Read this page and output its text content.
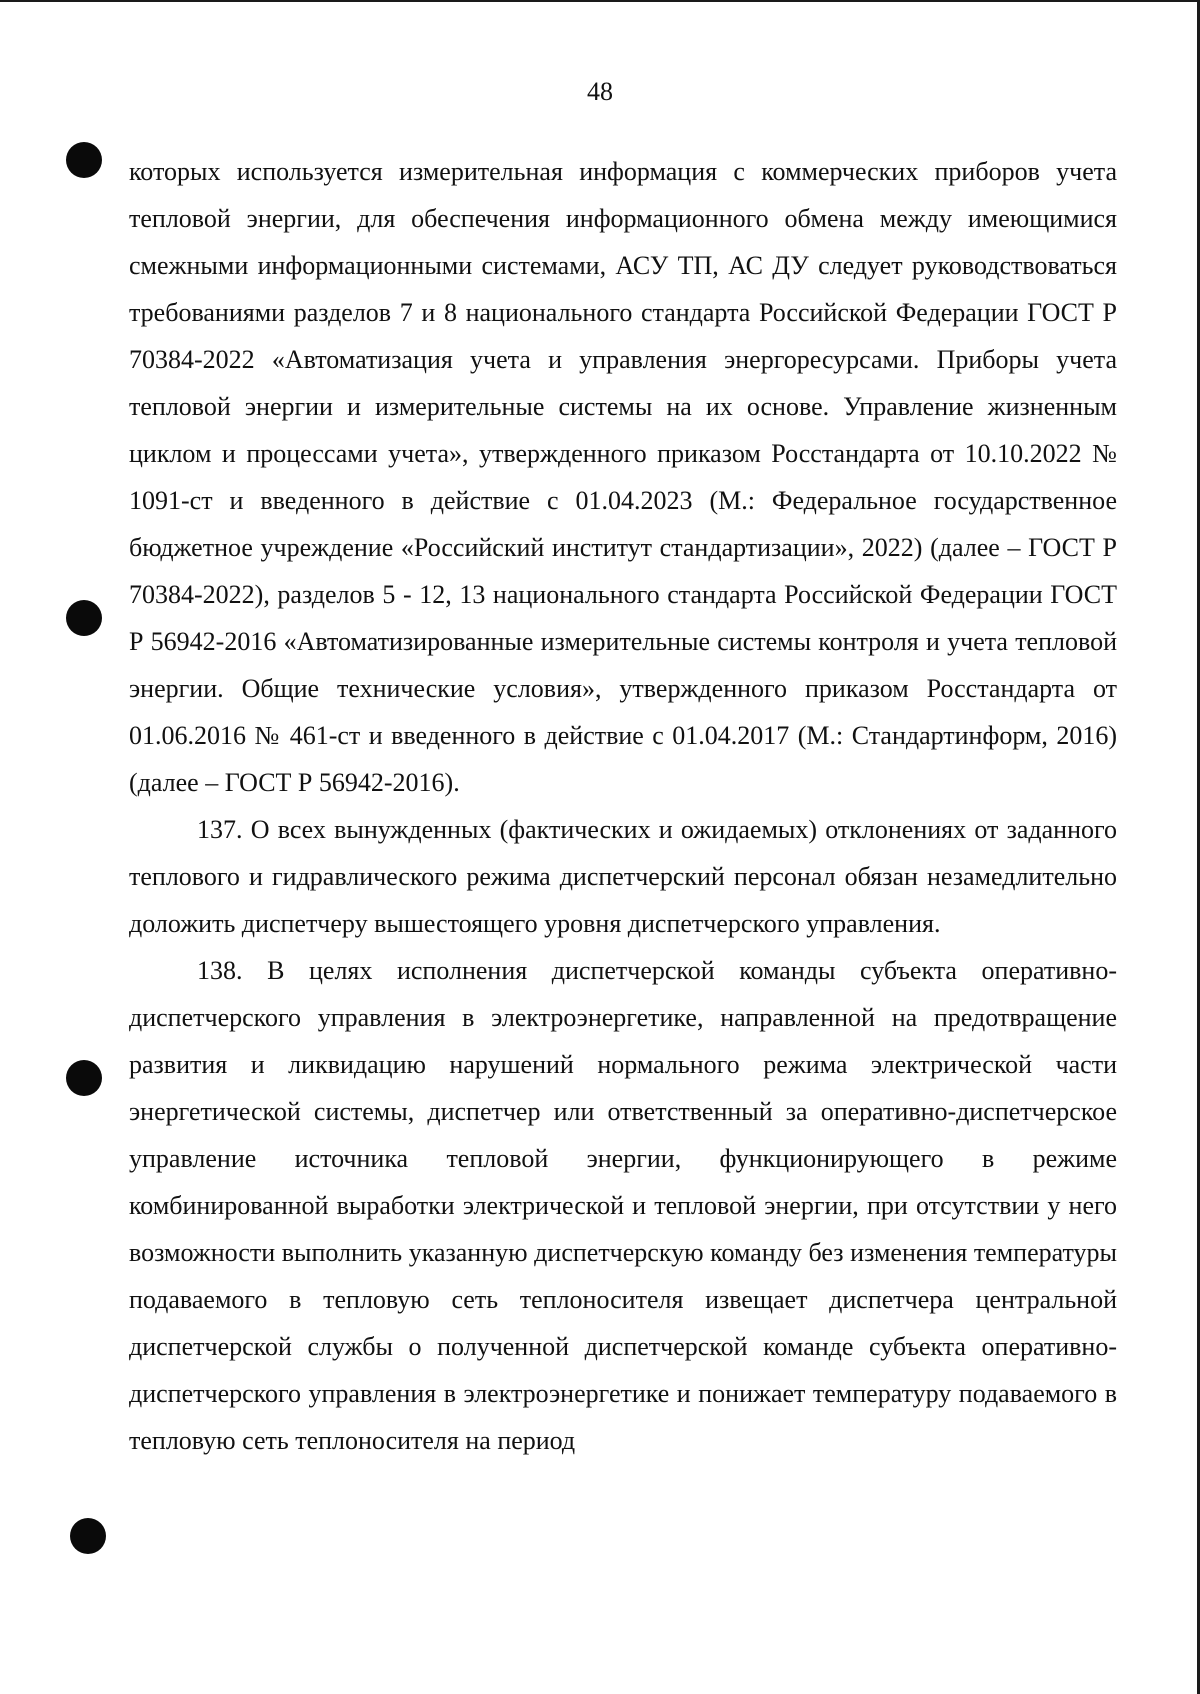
48

которых используется измерительная информация с коммерческих приборов учета тепловой энергии, для обеспечения информационного обмена между имеющимися смежными информационными системами, АСУ ТП, АС ДУ следует руководствоваться требованиями разделов 7 и 8 национального стандарта Российской Федерации ГОСТ Р 70384-2022 «Автоматизация учета и управления энергоресурсами. Приборы учета тепловой энергии и измерительные системы на их основе. Управление жизненным циклом и процессами учета», утвержденного приказом Росстандарта от 10.10.2022 № 1091-ст и введенного в действие с 01.04.2023 (М.: Федеральное государственное бюджетное учреждение «Российский институт стандартизации», 2022) (далее – ГОСТ Р 70384-2022), разделов 5 - 12, 13 национального стандарта Российской Федерации ГОСТ Р 56942-2016 «Автоматизированные измерительные системы контроля и учета тепловой энергии. Общие технические условия», утвержденного приказом Росстандарта от 01.06.2016 № 461-ст и введенного в действие с 01.04.2017 (М.: Стандартинформ, 2016) (далее – ГОСТ Р 56942-2016).

137. О всех вынужденных (фактических и ожидаемых) отклонениях от заданного теплового и гидравлического режима диспетчерский персонал обязан незамедлительно доложить диспетчеру вышестоящего уровня диспетчерского управления.

138. В целях исполнения диспетчерской команды субъекта оперативно-диспетчерского управления в электроэнергетике, направленной на предотвращение развития и ликвидацию нарушений нормального режима электрической части энергетической системы, диспетчер или ответственный за оперативно-диспетчерское управление источника тепловой энергии, функционирующего в режиме комбинированной выработки электрической и тепловой энергии, при отсутствии у него возможности выполнить указанную диспетчерскую команду без изменения температуры подаваемого в тепловую сеть теплоносителя извещает диспетчера центральной диспетчерской службы о полученной диспетчерской команде субъекта оперативно-диспетчерского управления в электроэнергетике и понижает температуру подаваемого в тепловую сеть теплоносителя на период
